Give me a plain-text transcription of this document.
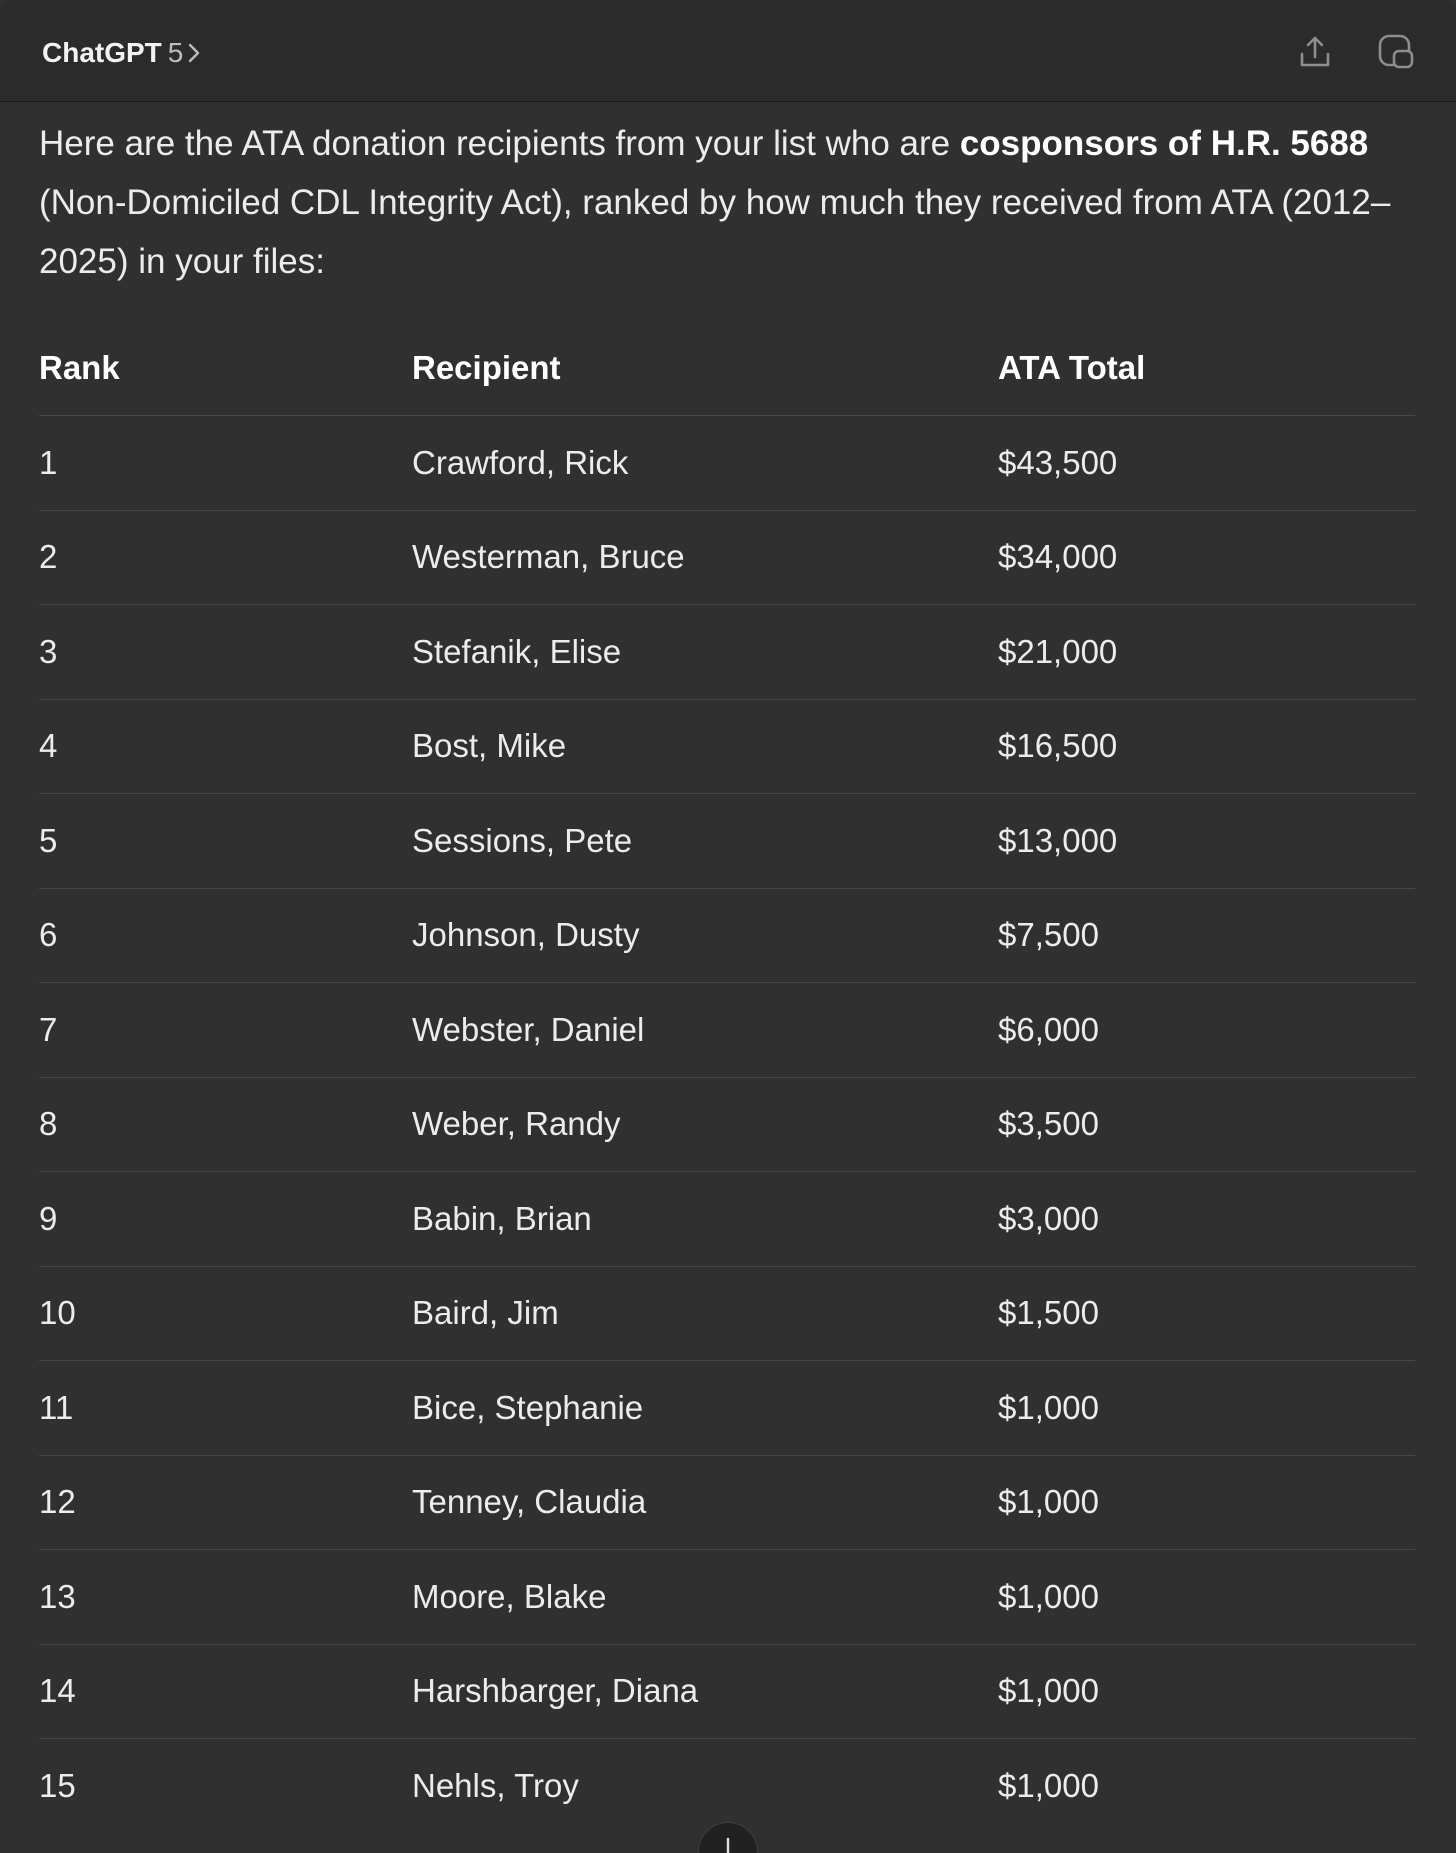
ChatGPT 5

Here are the ATA donation recipients from your list who are cosponsors of H.R. 5688 (Non-Domiciled CDL Integrity Act), ranked by how much they received from ATA (2012–2025) in your files:

Rank	Recipient	ATA Total
1	Crawford, Rick	$43,500
2	Westerman, Bruce	$34,000
3	Stefanik, Elise	$21,000
4	Bost, Mike	$16,500
5	Sessions, Pete	$13,000
6	Johnson, Dusty	$7,500
7	Webster, Daniel	$6,000
8	Weber, Randy	$3,500
9	Babin, Brian	$3,000
10	Baird, Jim	$1,500
11	Bice, Stephanie	$1,000
12	Tenney, Claudia	$1,000
13	Moore, Blake	$1,000
14	Harshbarger, Diana	$1,000
15	Nehls, Troy	$1,000
